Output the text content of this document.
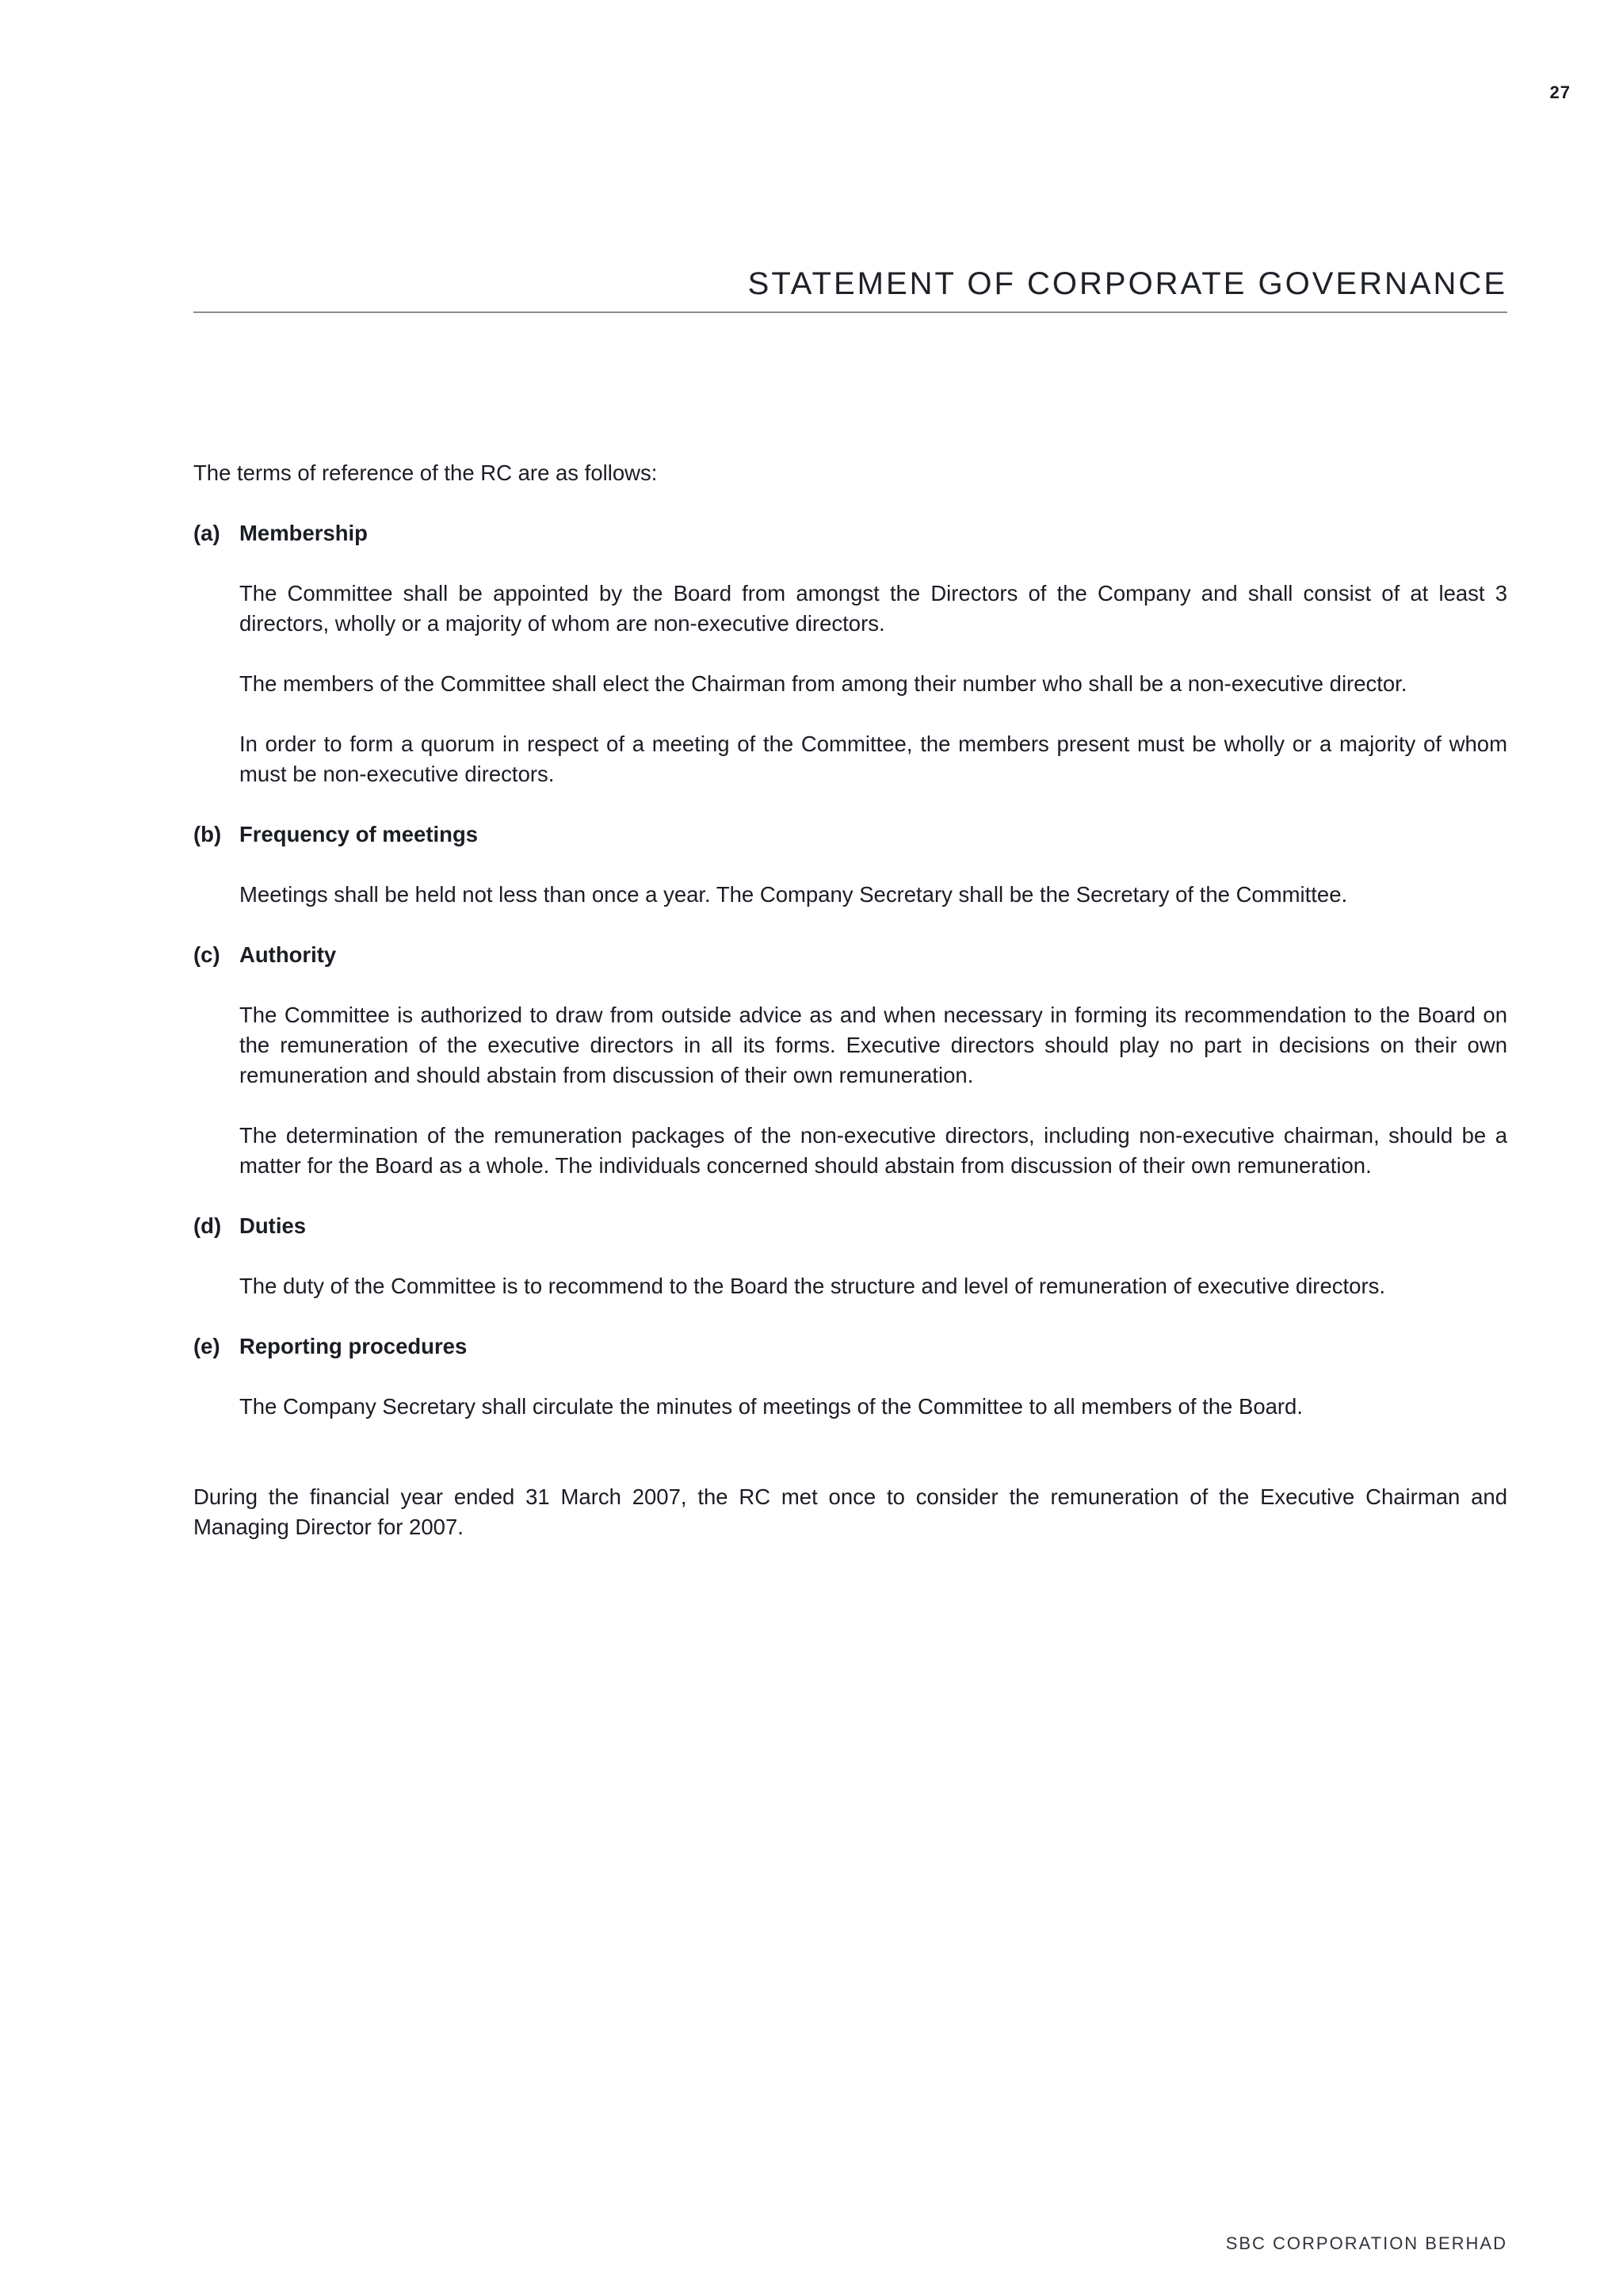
27
STATEMENT OF CORPORATE GOVERNANCE

The terms of reference of the RC are as follows:

(a) Membership

The Committee shall be appointed by the Board from amongst the Directors of the Company and shall consist of at least 3 directors, wholly or a majority of whom are non-executive directors.

The members of the Committee shall elect the Chairman from among their number who shall be a non-executive director.

In order to form a quorum in respect of a meeting of the Committee, the members present must be wholly or a majority of whom must be non-executive directors.

(b) Frequency of meetings

Meetings shall be held not less than once a year. The Company Secretary shall be the Secretary of the Committee.

(c) Authority

The Committee is authorized to draw from outside advice as and when necessary in forming its recommendation to the Board on the remuneration of the executive directors in all its forms. Executive directors should play no part in decisions on their own remuneration and should abstain from discussion of their own remuneration.

The determination of the remuneration packages of the non-executive directors, including non-executive chairman, should be a matter for the Board as a whole. The individuals concerned should abstain from discussion of their own remuneration.

(d) Duties

The duty of the Committee is to recommend to the Board the structure and level of remuneration of executive directors.

(e) Reporting procedures

The Company Secretary shall circulate the minutes of meetings of the Committee to all members of the Board.

During the financial year ended 31 March 2007, the RC met once to consider the remuneration of the Executive Chairman and Managing Director for 2007.

SBC CORPORATION BERHAD
